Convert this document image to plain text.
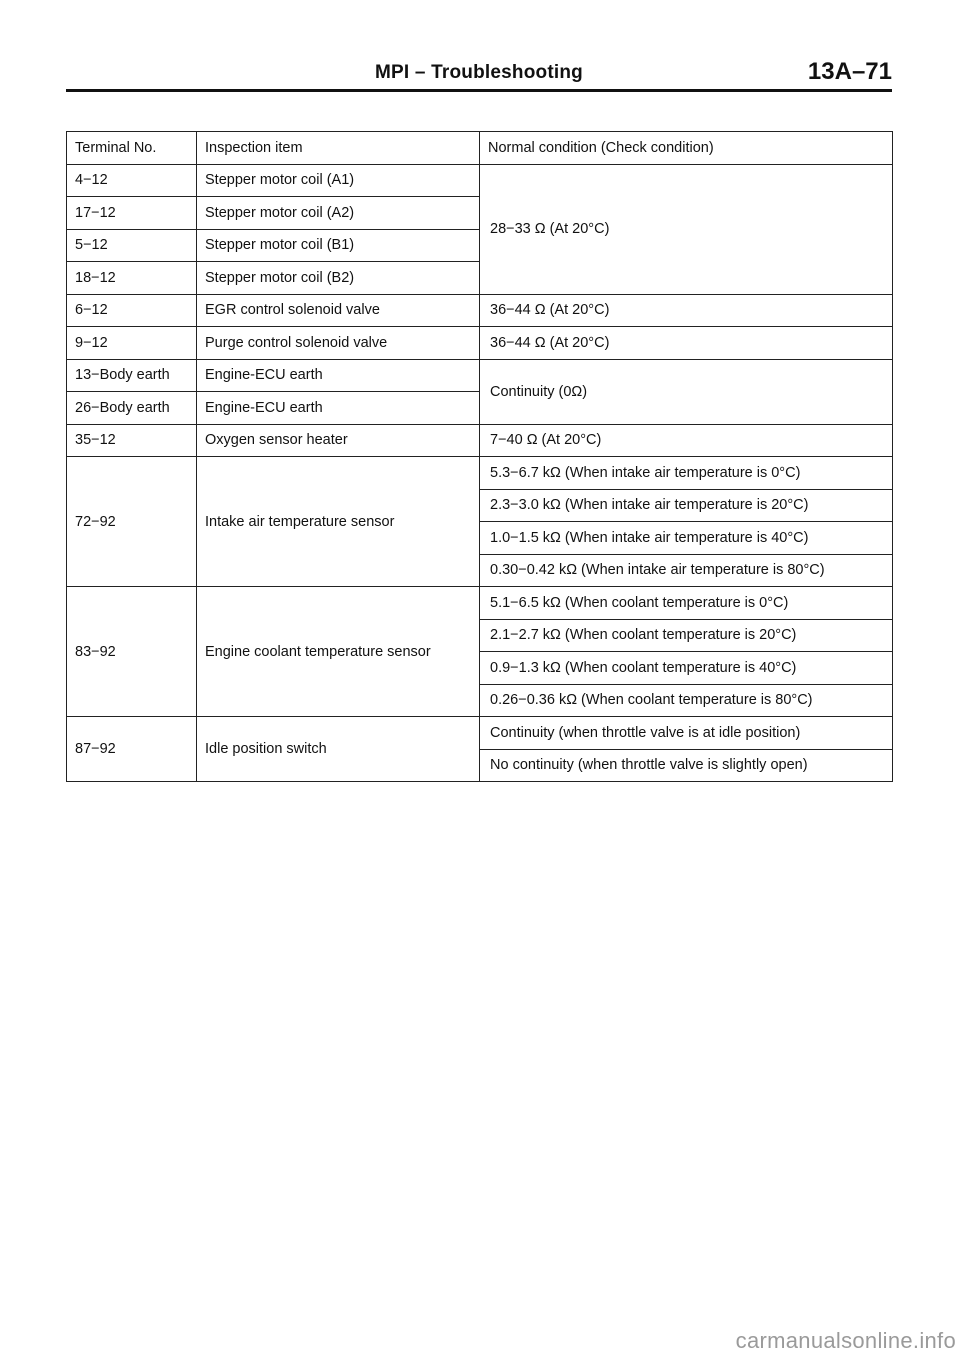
MPI – Troubleshooting	13A–71
Terminal No.	Inspection item	Normal condition (Check condition)
4−12	Stepper motor coil (A1)	28−33 Ω (At 20°C)
17−12	Stepper motor coil (A2)	
5−12	Stepper motor coil (B1)	
18−12	Stepper motor coil (B2)	
6−12	EGR control solenoid valve	36−44 Ω (At 20°C)
9−12	Purge control solenoid valve	36−44 Ω (At 20°C)
13−Body earth	Engine-ECU earth	Continuity (0Ω)
26−Body earth	Engine-ECU earth	
35−12	Oxygen sensor heater	7−40 Ω (At 20°C)
72−92	Intake air temperature sensor	5.3−6.7 kΩ (When intake air temperature is 0°C)
		2.3−3.0 kΩ (When intake air temperature is 20°C)
		1.0−1.5 kΩ (When intake air temperature is 40°C)
		0.30−0.42 kΩ (When intake air temperature is 80°C)
83−92	Engine coolant temperature sensor	5.1−6.5 kΩ (When coolant temperature is 0°C)
		2.1−2.7 kΩ (When coolant temperature is 20°C)
		0.9−1.3 kΩ (When coolant temperature is 40°C)
		0.26−0.36 kΩ (When coolant temperature is 80°C)
87−92	Idle position switch	Continuity (when throttle valve is at idle position)
		No continuity (when throttle valve is slightly open)
carmanualsonline.info
